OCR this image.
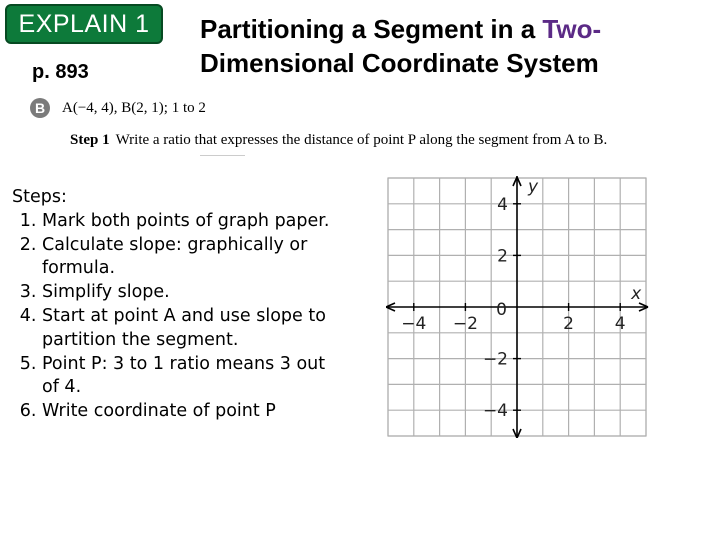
EXPLAIN 1
p. 893
Partitioning a Segment in a Two-
Dimensional Coordinate System
B	A(−4, 4), B(2, 1); 1 to 2
Step 1 Write a ratio that expresses the distance of point P along the segment from A to B.
Steps:
1. Mark both points of graph paper.
2. Calculate slope: graphically or formula.
3. Simplify slope.
4. Start at point A and use slope to partition the segment.
5. Point P: 3 to 1 ratio means 3 out of 4.
6. Write coordinate of point P
−4 −2	2 4
4
2
−2
−4
0
x
y
